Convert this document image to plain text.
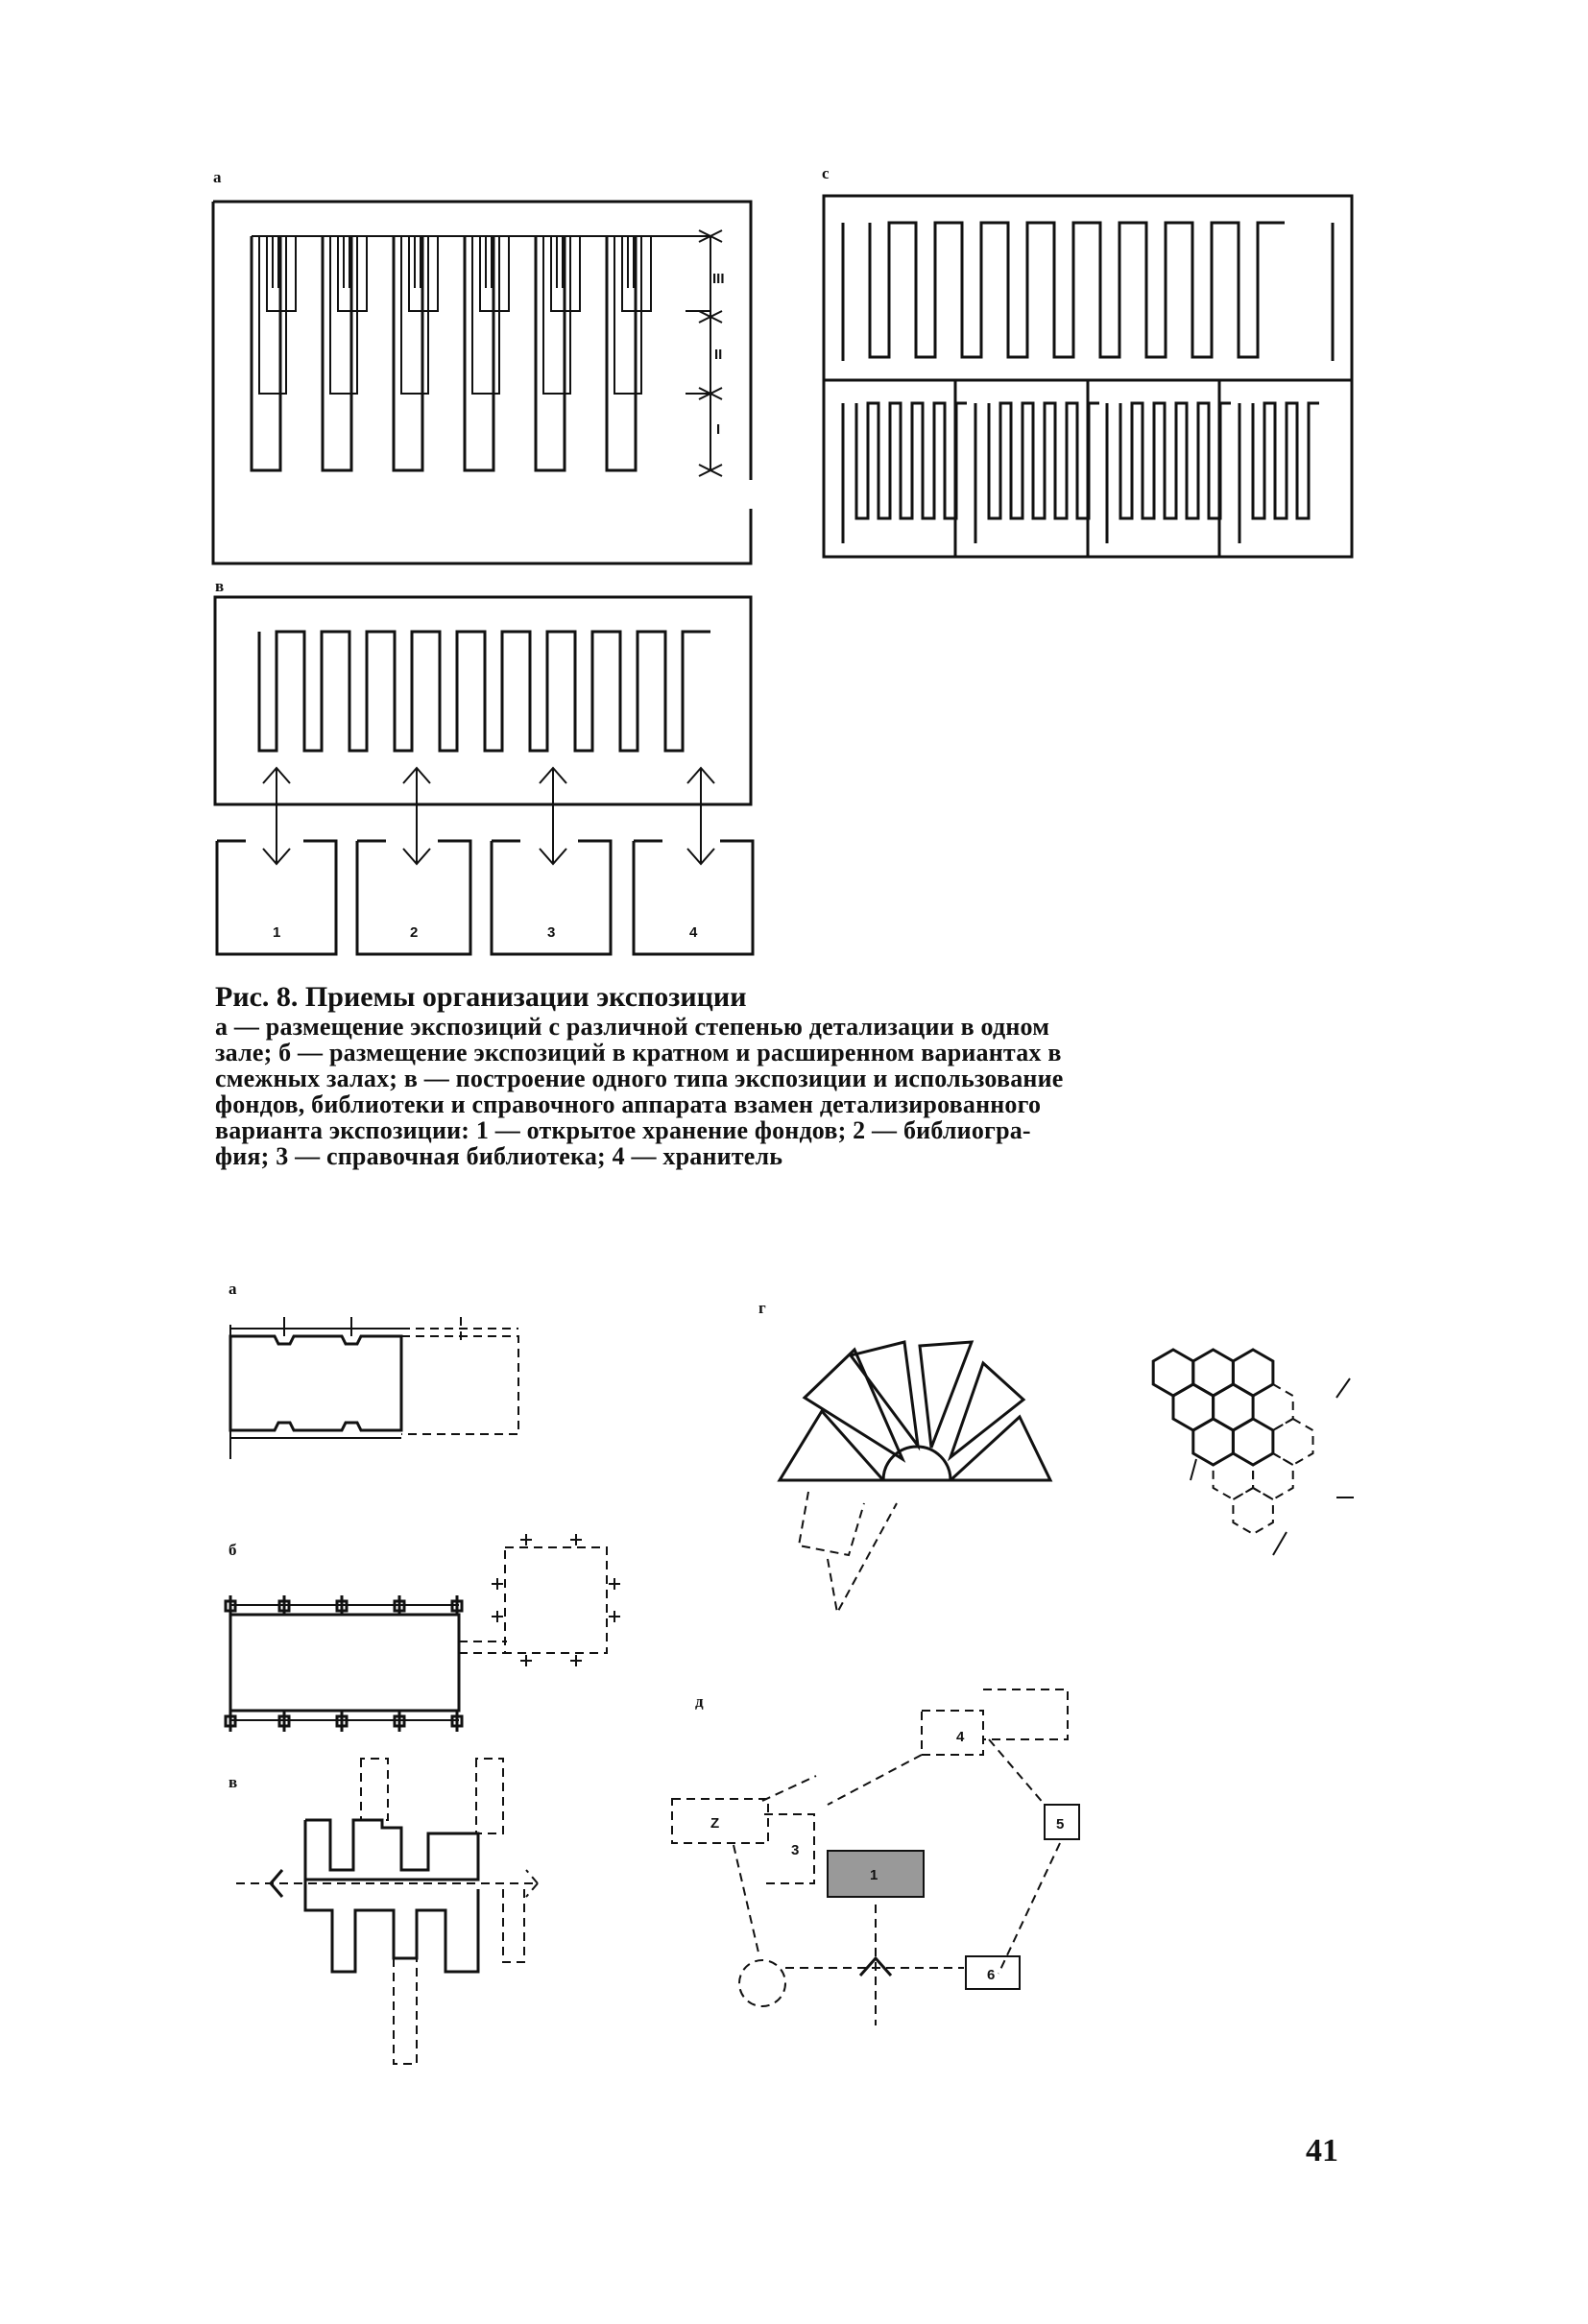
а
III
II
I
с
в
1	2	3	4
а
б
в
г
д
Z
3
1
4
5
6
Рис. 8. Приемы организации экспозиции
а — размещение экспозиций с различной степенью детализации в одном
зале; б — размещение экспозиций в кратном и расширенном вариантах в
смежных залах; в — построение одного типа экспозиции и использование
фондов, библиотеки и справочного аппарата взамен детализированного
варианта экспозиции: 1 — открытое хранение фондов; 2 — библиогра-
фия; 3 — справочная библиотека; 4 — хранитель
41
